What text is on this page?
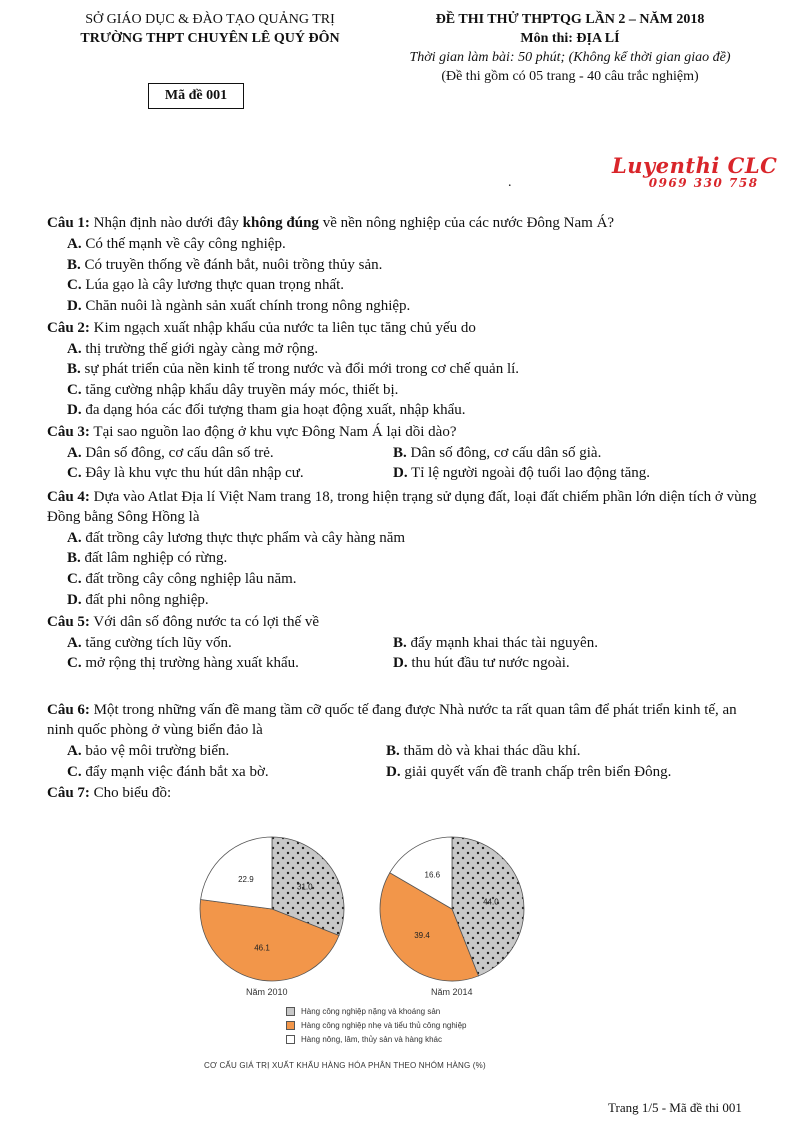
SỞ GIÁO DỤC & ĐÀO TẠO QUẢNG TRỊ
TRƯỜNG THPT CHUYÊN LÊ QUÝ ĐÔN
Mã đề 001
ĐỀ THI THỬ THPTQG LẦN 2 – NĂM 2018
Môn thi: ĐỊA LÍ
Thời gian làm bài: 50 phút; (Không kể thời gian giao đề)
(Đề thi gồm có 05 trang - 40 câu trắc nghiệm)
Luyenthi CLC
0969 330 758
.
Câu 1: Nhận định nào dưới đây không đúng về nền nông nghiệp của các nước Đông Nam Á?
A. Có thế mạnh về cây công nghiệp.
B. Có truyền thống về đánh bắt, nuôi trồng thủy sản.
C. Lúa gạo là cây lương thực quan trọng nhất.
D. Chăn nuôi là ngành sản xuất chính trong nông nghiệp.
Câu 2: Kim ngạch xuất nhập khẩu của nước ta liên tục tăng chủ yếu do
A. thị trường thế giới ngày càng mở rộng.
B. sự phát triển của nền kinh tế trong nước và đổi mới trong cơ chế quản lí.
C. tăng cường nhập khẩu dây truyền máy móc, thiết bị.
D. đa dạng hóa các đối tượng tham gia hoạt động xuất, nhập khẩu.
Câu 3: Tại sao nguồn lao động ở khu vực Đông Nam Á lại dồi dào?
A. Dân số đông, cơ cấu dân số trẻ.	B. Dân số đông, cơ cấu dân số già.
C. Đây là khu vực thu hút dân nhập cư.	D. Tỉ lệ người ngoài độ tuổi lao động tăng.
Câu 4: Dựa vào Atlat Địa lí Việt Nam trang 18, trong hiện trạng sử dụng đất, loại đất chiếm phần lớn diện tích ở vùng Đồng bằng Sông Hồng là
A. đất trồng cây lương thực thực phẩm và cây hàng năm
B. đất lâm nghiệp có rừng.
C. đất trồng cây công nghiệp lâu năm.
D. đất phi nông nghiệp.
Câu 5: Với dân số đông nước ta có lợi thế về
A. tăng cường tích lũy vốn.	B. đẩy mạnh khai thác tài nguyên.
C. mở rộng thị trường hàng xuất khẩu.	D. thu hút đầu tư nước ngoài.
Câu 6: Một trong những vấn đề mang tầm cỡ quốc tế đang được Nhà nước ta rất quan tâm để phát triển kinh tế, an ninh quốc phòng ở vùng biển đảo là
A. bảo vệ môi trường biển.	B. thăm dò và khai thác dầu khí.
C. đẩy mạnh việc đánh bắt xa bờ.	D. giải quyết vấn đề tranh chấp trên biển Đông.
Câu 7: Cho biểu đồ:
31.0
46.1
22.9
44.0
39.4
16.6
Năm 2010	Năm 2014
Hàng công nghiệp nặng và khoáng sản
Hàng công nghiệp nhẹ và tiểu thủ công nghiệp
Hàng nông, lâm, thủy sản và hàng khác
CƠ CẤU GIÁ TRỊ XUẤT KHẨU HÀNG HÓA PHÂN THEO NHÓM HÀNG (%)
Trang 1/5 - Mã đề thi 001
